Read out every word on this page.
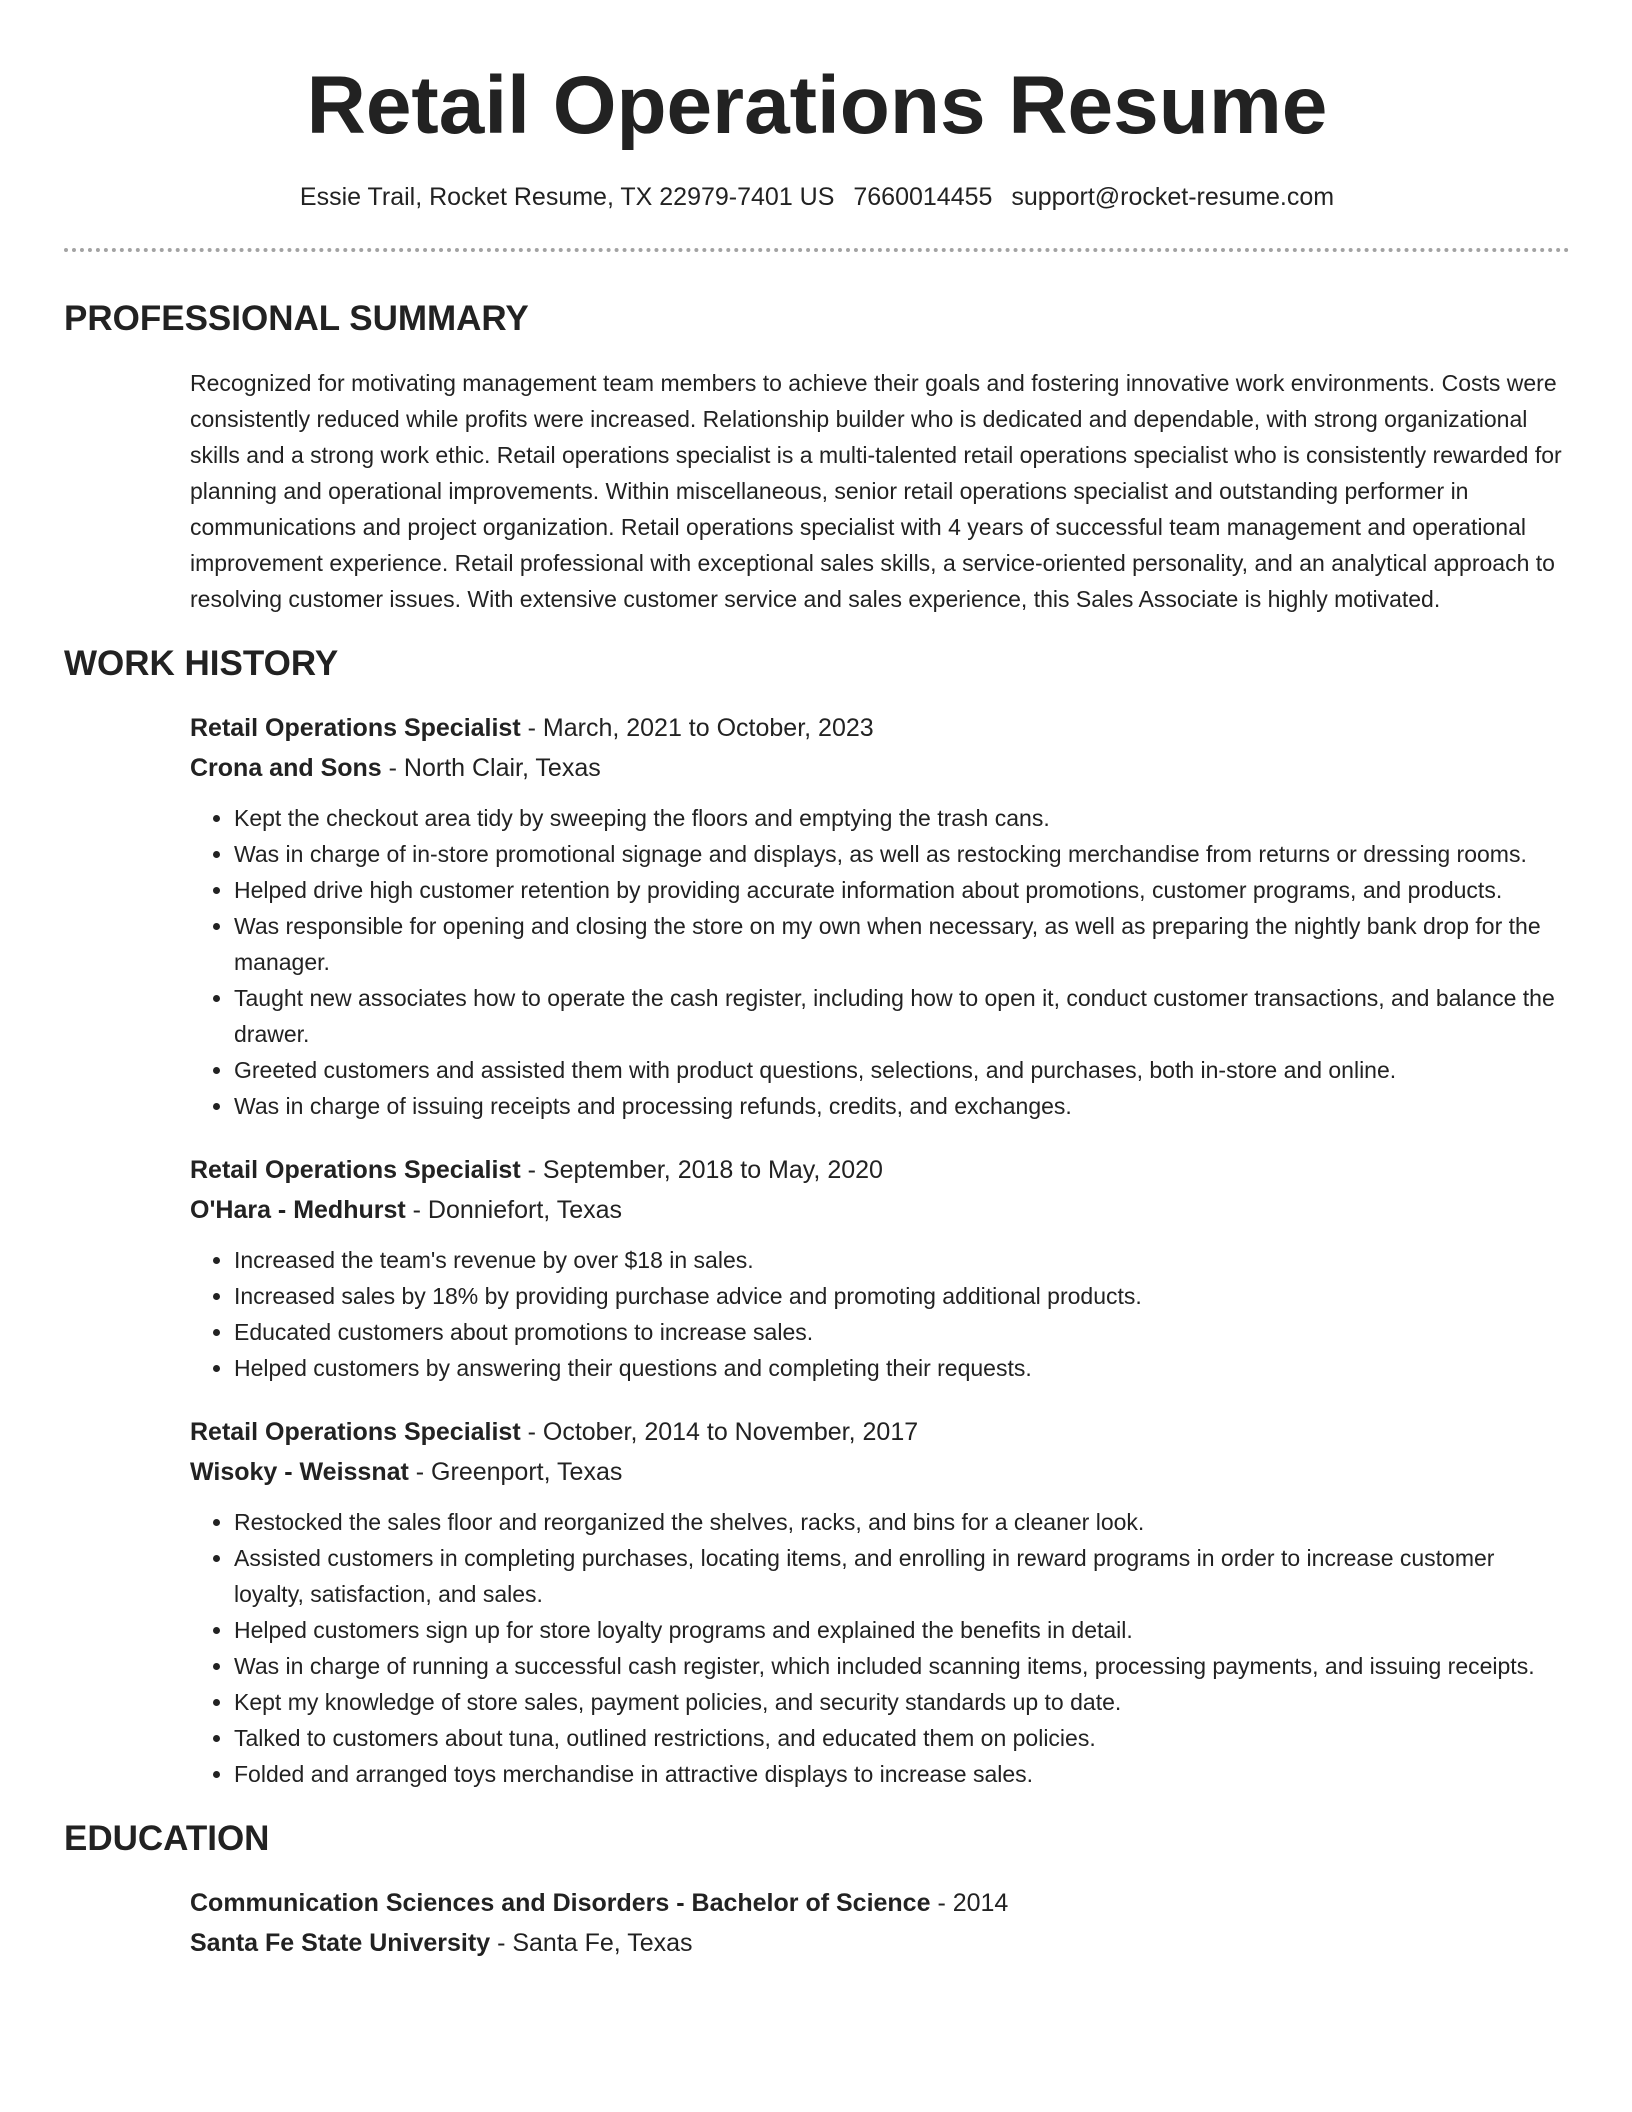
Retail Operations Resume
Essie Trail, Rocket Resume, TX 22979-7401 US 7660014455 support@rocket-resume.com
PROFESSIONAL SUMMARY
Recognized for motivating management team members to achieve their goals and fostering innovative work environments. Costs were consistently reduced while profits were increased. Relationship builder who is dedicated and dependable, with strong organizational skills and a strong work ethic. Retail operations specialist is a multi-talented retail operations specialist who is consistently rewarded for planning and operational improvements. Within miscellaneous, senior retail operations specialist and outstanding performer in communications and project organization. Retail operations specialist with 4 years of successful team management and operational improvement experience. Retail professional with exceptional sales skills, a service-oriented personality, and an analytical approach to resolving customer issues. With extensive customer service and sales experience, this Sales Associate is highly motivated.
WORK HISTORY
Retail Operations Specialist - March, 2021 to October, 2023
Crona and Sons - North Clair, Texas
• Kept the checkout area tidy by sweeping the floors and emptying the trash cans.
• Was in charge of in-store promotional signage and displays, as well as restocking merchandise from returns or dressing rooms.
• Helped drive high customer retention by providing accurate information about promotions, customer programs, and products.
• Was responsible for opening and closing the store on my own when necessary, as well as preparing the nightly bank drop for the manager.
• Taught new associates how to operate the cash register, including how to open it, conduct customer transactions, and balance the drawer.
• Greeted customers and assisted them with product questions, selections, and purchases, both in-store and online.
• Was in charge of issuing receipts and processing refunds, credits, and exchanges.
Retail Operations Specialist - September, 2018 to May, 2020
O'Hara - Medhurst - Donniefort, Texas
• Increased the team's revenue by over $18 in sales.
• Increased sales by 18% by providing purchase advice and promoting additional products.
• Educated customers about promotions to increase sales.
• Helped customers by answering their questions and completing their requests.
Retail Operations Specialist - October, 2014 to November, 2017
Wisoky - Weissnat - Greenport, Texas
• Restocked the sales floor and reorganized the shelves, racks, and bins for a cleaner look.
• Assisted customers in completing purchases, locating items, and enrolling in reward programs in order to increase customer loyalty, satisfaction, and sales.
• Helped customers sign up for store loyalty programs and explained the benefits in detail.
• Was in charge of running a successful cash register, which included scanning items, processing payments, and issuing receipts.
• Kept my knowledge of store sales, payment policies, and security standards up to date.
• Talked to customers about tuna, outlined restrictions, and educated them on policies.
• Folded and arranged toys merchandise in attractive displays to increase sales.
EDUCATION
Communication Sciences and Disorders - Bachelor of Science - 2014
Santa Fe State University - Santa Fe, Texas
